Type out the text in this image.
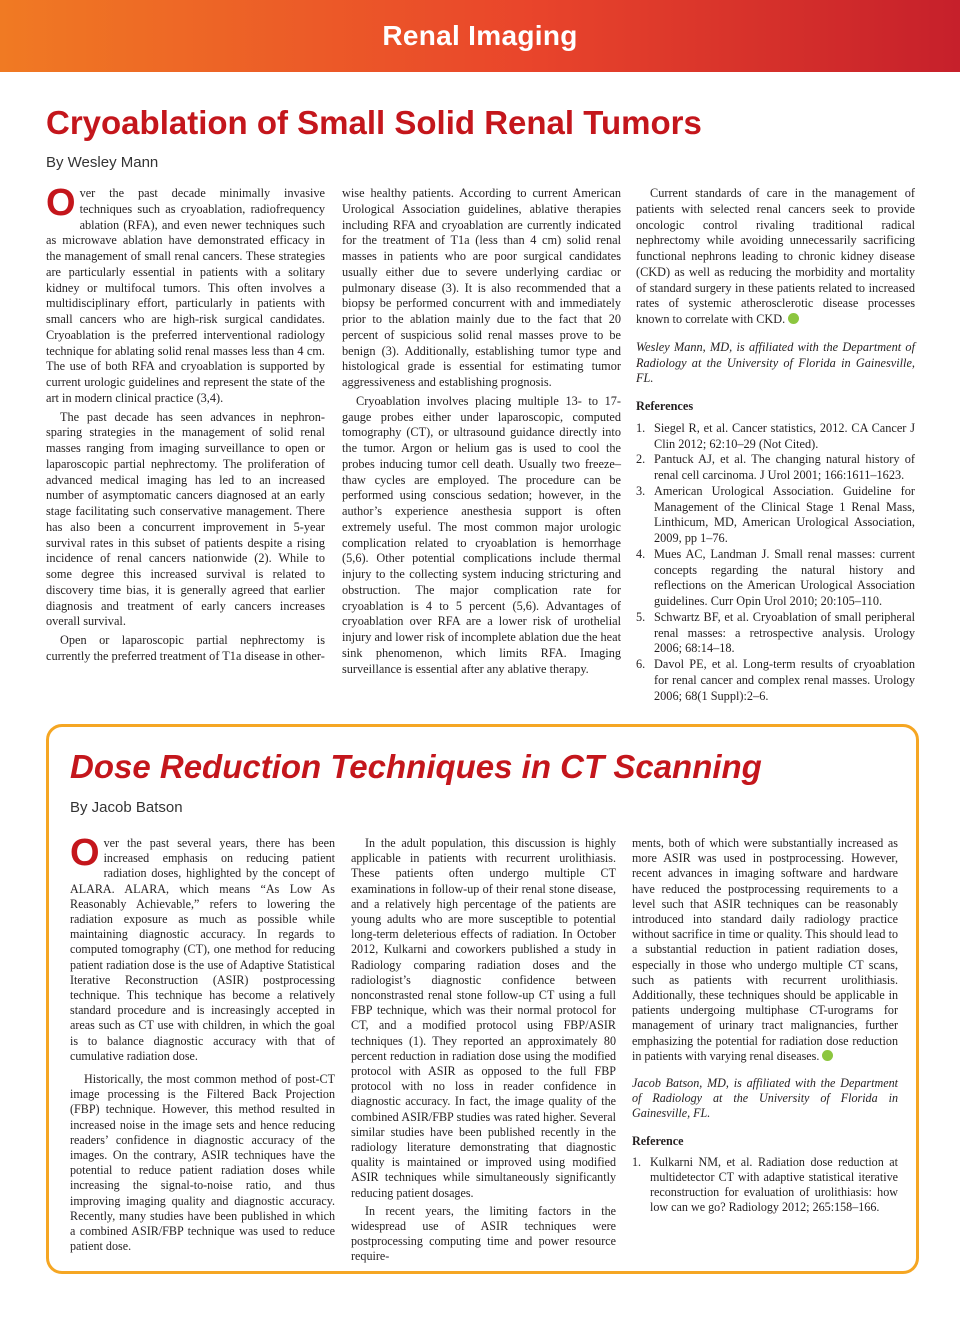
Renal Imaging
Cryoablation of Small Solid Renal Tumors
By Wesley Mann

Over the past decade minimally invasive techniques such as cryoablation, radiofrequency ablation (RFA), and even newer techniques such as microwave ablation have demonstrated efficacy in the management of small renal cancers. These strategies are particularly essential in patients with a solitary kidney or multifocal tumors. This often involves a multidisciplinary effort, particularly in patients with small cancers who are high-risk surgical candidates. Cryoablation is the preferred interventional radiology technique for ablating solid renal masses less than 4 cm. The use of both RFA and cryoablation is supported by current urologic guidelines and represent the state of the art in modern clinical practice (3,4).

The past decade has seen advances in nephron-sparing strategies in the management of solid renal masses ranging from imaging surveillance to open or laparoscopic partial nephrectomy. The proliferation of advanced medical imaging has led to an increased number of asymptomatic cancers diagnosed at an early stage facilitating such conservative management. There has also been a concurrent improvement in 5-year survival rates in this subset of patients despite a rising incidence of renal cancers nationwide (2). While to some degree this increased survival is related to discovery time bias, it is generally agreed that earlier diagnosis and treatment of early cancers increases overall survival.

Open or laparoscopic partial nephrectomy is currently the preferred treatment of T1a disease in other-

wise healthy patients. According to current American Urological Association guidelines, ablative therapies including RFA and cryoablation are currently indicated for the treatment of T1a (less than 4 cm) solid renal masses in patients who are poor surgical candidates usually either due to severe underlying cardiac or pulmonary disease (3). It is also recommended that a biopsy be performed concurrent with and immediately prior to the ablation mainly due to the fact that 20 percent of suspicious solid renal masses prove to be benign (3). Additionally, establishing tumor type and histological grade is essential for estimating tumor aggressiveness and establishing prognosis.

Cryoablation involves placing multiple 13- to 17-gauge probes either under laparoscopic, computed tomography (CT), or ultrasound guidance directly into the tumor. Argon or helium gas is used to cool the probes inducing tumor cell death. Usually two freeze–thaw cycles are employed. The procedure can be performed using conscious sedation; however, in the author’s experience anesthesia support is often extremely useful. The most common major urologic complication related to cryoablation is hemorrhage (5,6). Other potential complications include thermal injury to the collecting system inducing stricturing and obstruction. The major complication rate for cryoablation is 4 to 5 percent (5,6). Advantages of cryoablation over RFA are a lower risk of urothelial injury and lower risk of incomplete ablation due the heat sink phenomenon, which limits RFA. Imaging surveillance is essential after any ablative therapy.

Current standards of care in the management of patients with selected renal cancers seek to provide oncologic control rivaling traditional radical nephrectomy while avoiding unnecessarily sacrificing functional nephrons leading to chronic kidney disease (CKD) as well as reducing the morbidity and mortality of standard surgery in these patients related to increased rates of systemic atherosclerotic disease processes known to correlate with CKD.

Wesley Mann, MD, is affiliated with the Department of Radiology at the University of Florida in Gainesville, FL.

References

1. Siegel R, et al. Cancer statistics, 2012. CA Cancer J Clin 2012; 62:10–29 (Not Cited).
2. Pantuck AJ, et al. The changing natural history of renal cell carcinoma. J Urol 2001; 166:1611–1623.
3. American Urological Association. Guideline for Management of the Clinical Stage 1 Renal Mass, Linthicum, MD, American Urological Association, 2009, pp 1–76.
4. Mues AC, Landman J. Small renal masses: current concepts regarding the natural history and reflections on the American Urological Association guidelines. Curr Opin Urol 2010; 20:105–110.
5. Schwartz BF, et al. Cryoablation of small peripheral renal masses: a retrospective analysis. Urology 2006; 68:14–18.
6. Davol PE, et al. Long-term results of cryoablation for renal cancer and complex renal masses. Urology 2006; 68(1 Suppl):2–6.
Dose Reduction Techniques in CT Scanning
By Jacob Batson

Over the past several years, there has been increased emphasis on reducing patient radiation doses, highlighted by the concept of ALARA. ALARA, which means “As Low As Reasonably Achievable,” refers to lowering the radiation exposure as much as possible while maintaining diagnostic accuracy. In regards to computed tomography (CT), one method for reducing patient radiation dose is the use of Adaptive Statistical Iterative Reconstruction (ASIR) postprocessing technique. This technique has become a relatively standard procedure and is increasingly accepted in areas such as CT use with children, in which the goal is to balance diagnostic accuracy with that of cumulative radiation dose.

Historically, the most common method of post-CT image processing is the Filtered Back Projection (FBP) technique. However, this method resulted in increased noise in the image sets and hence reducing readers’ confidence in diagnostic accuracy of the images. On the contrary, ASIR techniques have the potential to reduce patient radiation doses while increasing the signal-to-noise ratio, and thus improving imaging quality and diagnostic accuracy. Recently, many studies have been published in which a combined ASIR/FBP technique was used to reduce patient dose.

In the adult population, this discussion is highly applicable in patients with recurrent urolithiasis. These patients often undergo multiple CT examinations in follow-up of their renal stone disease, and a relatively high percentage of the patients are young adults who are more susceptible to potential long-term deleterious effects of radiation. In October 2012, Kulkarni and coworkers published a study in Radiology comparing radiation doses and the radiologist’s diagnostic confidence between nonconstrasted renal stone follow-up CT using a full FBP technique, which was their normal protocol for CT, and a modified protocol using FBP/ASIR techniques (1). They reported an approximately 80 percent reduction in radiation dose using the modified protocol with ASIR as opposed to the full FBP protocol with no loss in reader confidence in diagnostic accuracy. In fact, the image quality of the combined ASIR/FBP studies was rated higher. Several similar studies have been published recently in the radiology literature demonstrating that diagnostic quality is maintained or improved using modified ASIR techniques while simultaneously significantly reducing patient dosages.

In recent years, the limiting factors in the widespread use of ASIR techniques were postprocessing computing time and power resource require-

ments, both of which were substantially increased as more ASIR was used in postprocessing. However, recent advances in imaging software and hardware have reduced the postprocessing requirements to a level such that ASIR techniques can be reasonably introduced into standard daily radiology practice without sacrifice in time or quality. This should lead to a substantial reduction in patient radiation doses, especially in those who undergo multiple CT scans, such as patients with recurrent urolithiasis. Additionally, these techniques should be applicable in patients undergoing multiphase CT-urograms for management of urinary tract malignancies, further emphasizing the potential for radiation dose reduction in patients with varying renal diseases.

Jacob Batson, MD, is affiliated with the Department of Radiology at the University of Florida in Gainesville, FL.

Reference

1. Kulkarni NM, et al. Radiation dose reduction at multidetector CT with adaptive statistical iterative reconstruction for evaluation of urolithiasis: how low can we go? Radiology 2012; 265:158–166.
